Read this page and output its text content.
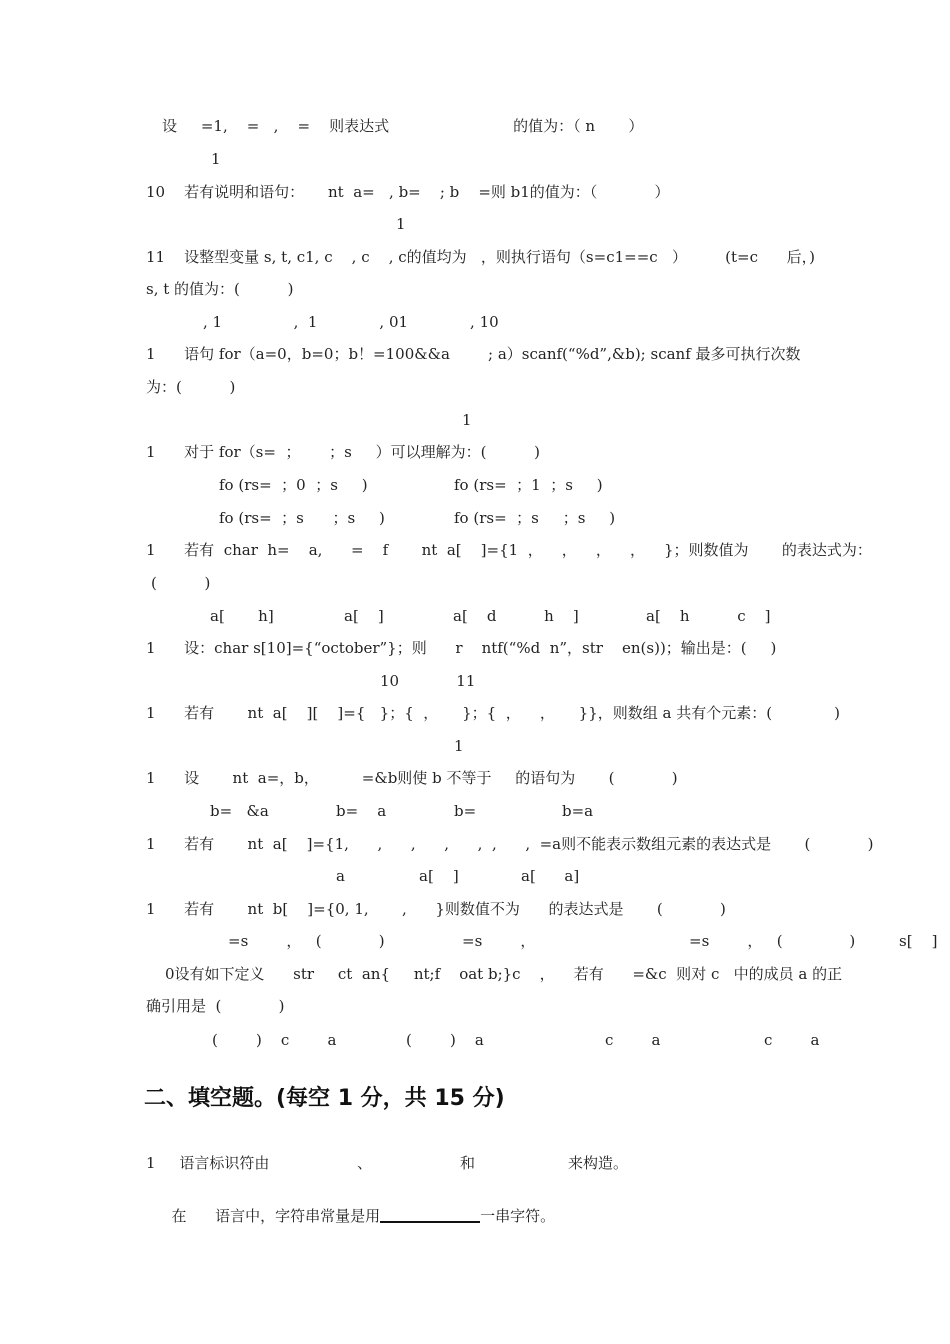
设     =1,    =   ,    =    则表达式                          的值为：（ n       ）
1
10    若有说明和语句：     nt  a=   , b=    ; b    =则 b1的值为：（            ）
1
11    设整型变量 s, t, c1, c    , c    , c的值均为   ，则执行语句（s=c1==c   ）        (t=c      后，)
s, t 的值为：(          )
, 1               ,  1             , 01             , 10
1      语句 for（a=0，b=0；b！=100&&a        ; a）scanf(“%d”,&b); scanf 最多可执行次数
为：(          )
1
1      对于 for（s=  ；      ；s     ）可以理解为：(          )
fo (rs=  ；0  ；s     )	fo (rs=  ；1  ；s     )
fo (rs=  ；s      ；s     )	fo (rs=  ；s     ；s     )
1      若有  char  h=    a,      =    f       nt  a[    ]={1  ，    ，    ，    ，    }；则数值为       的表达式为：
(          )
a[       h]	a[    ]	a[    d          h    ]	a[    h          c    ]
1      设：char s[10]={“october”}；则      r    ntf(“%d  n”，str    en(s))；输出是：(     )
10            11
1      若有       nt  a[    ][    ]={   }；{  ，     }；{  ，    ，     }}，则数组 a 共有个元素：(             )
1
1      设       nt  a=，b，         =&b则使 b 不等于     的语句为       (            )
b=   &a	b=    a	b=	b=a
1      若有       nt  a[    ]={1,      ,      ,      ,      ,  ,      ,  =a则不能表示数组元素的表达式是       (            )
a	a[    ]	a[      a]
1      若有       nt  b[    ]={0, 1,       ,      }则数值不为      的表达式是       (            )
=s        ，   (            )	=s        ，	=s        ，   (              )	s[    ]
0设有如下定义      str     ct  an{     nt;f    oat b;}c    ，    若有      =&c  则对 c   中的成员 a 的正
确引用是  (            )
(        )    c        a	(        )    a	c        a	c        a
二、填空题。(每空 1 分，共 15 分)
1     语言标识符由	、	和	来构造。

在      语言中，字符串常量是用	一串字符。
